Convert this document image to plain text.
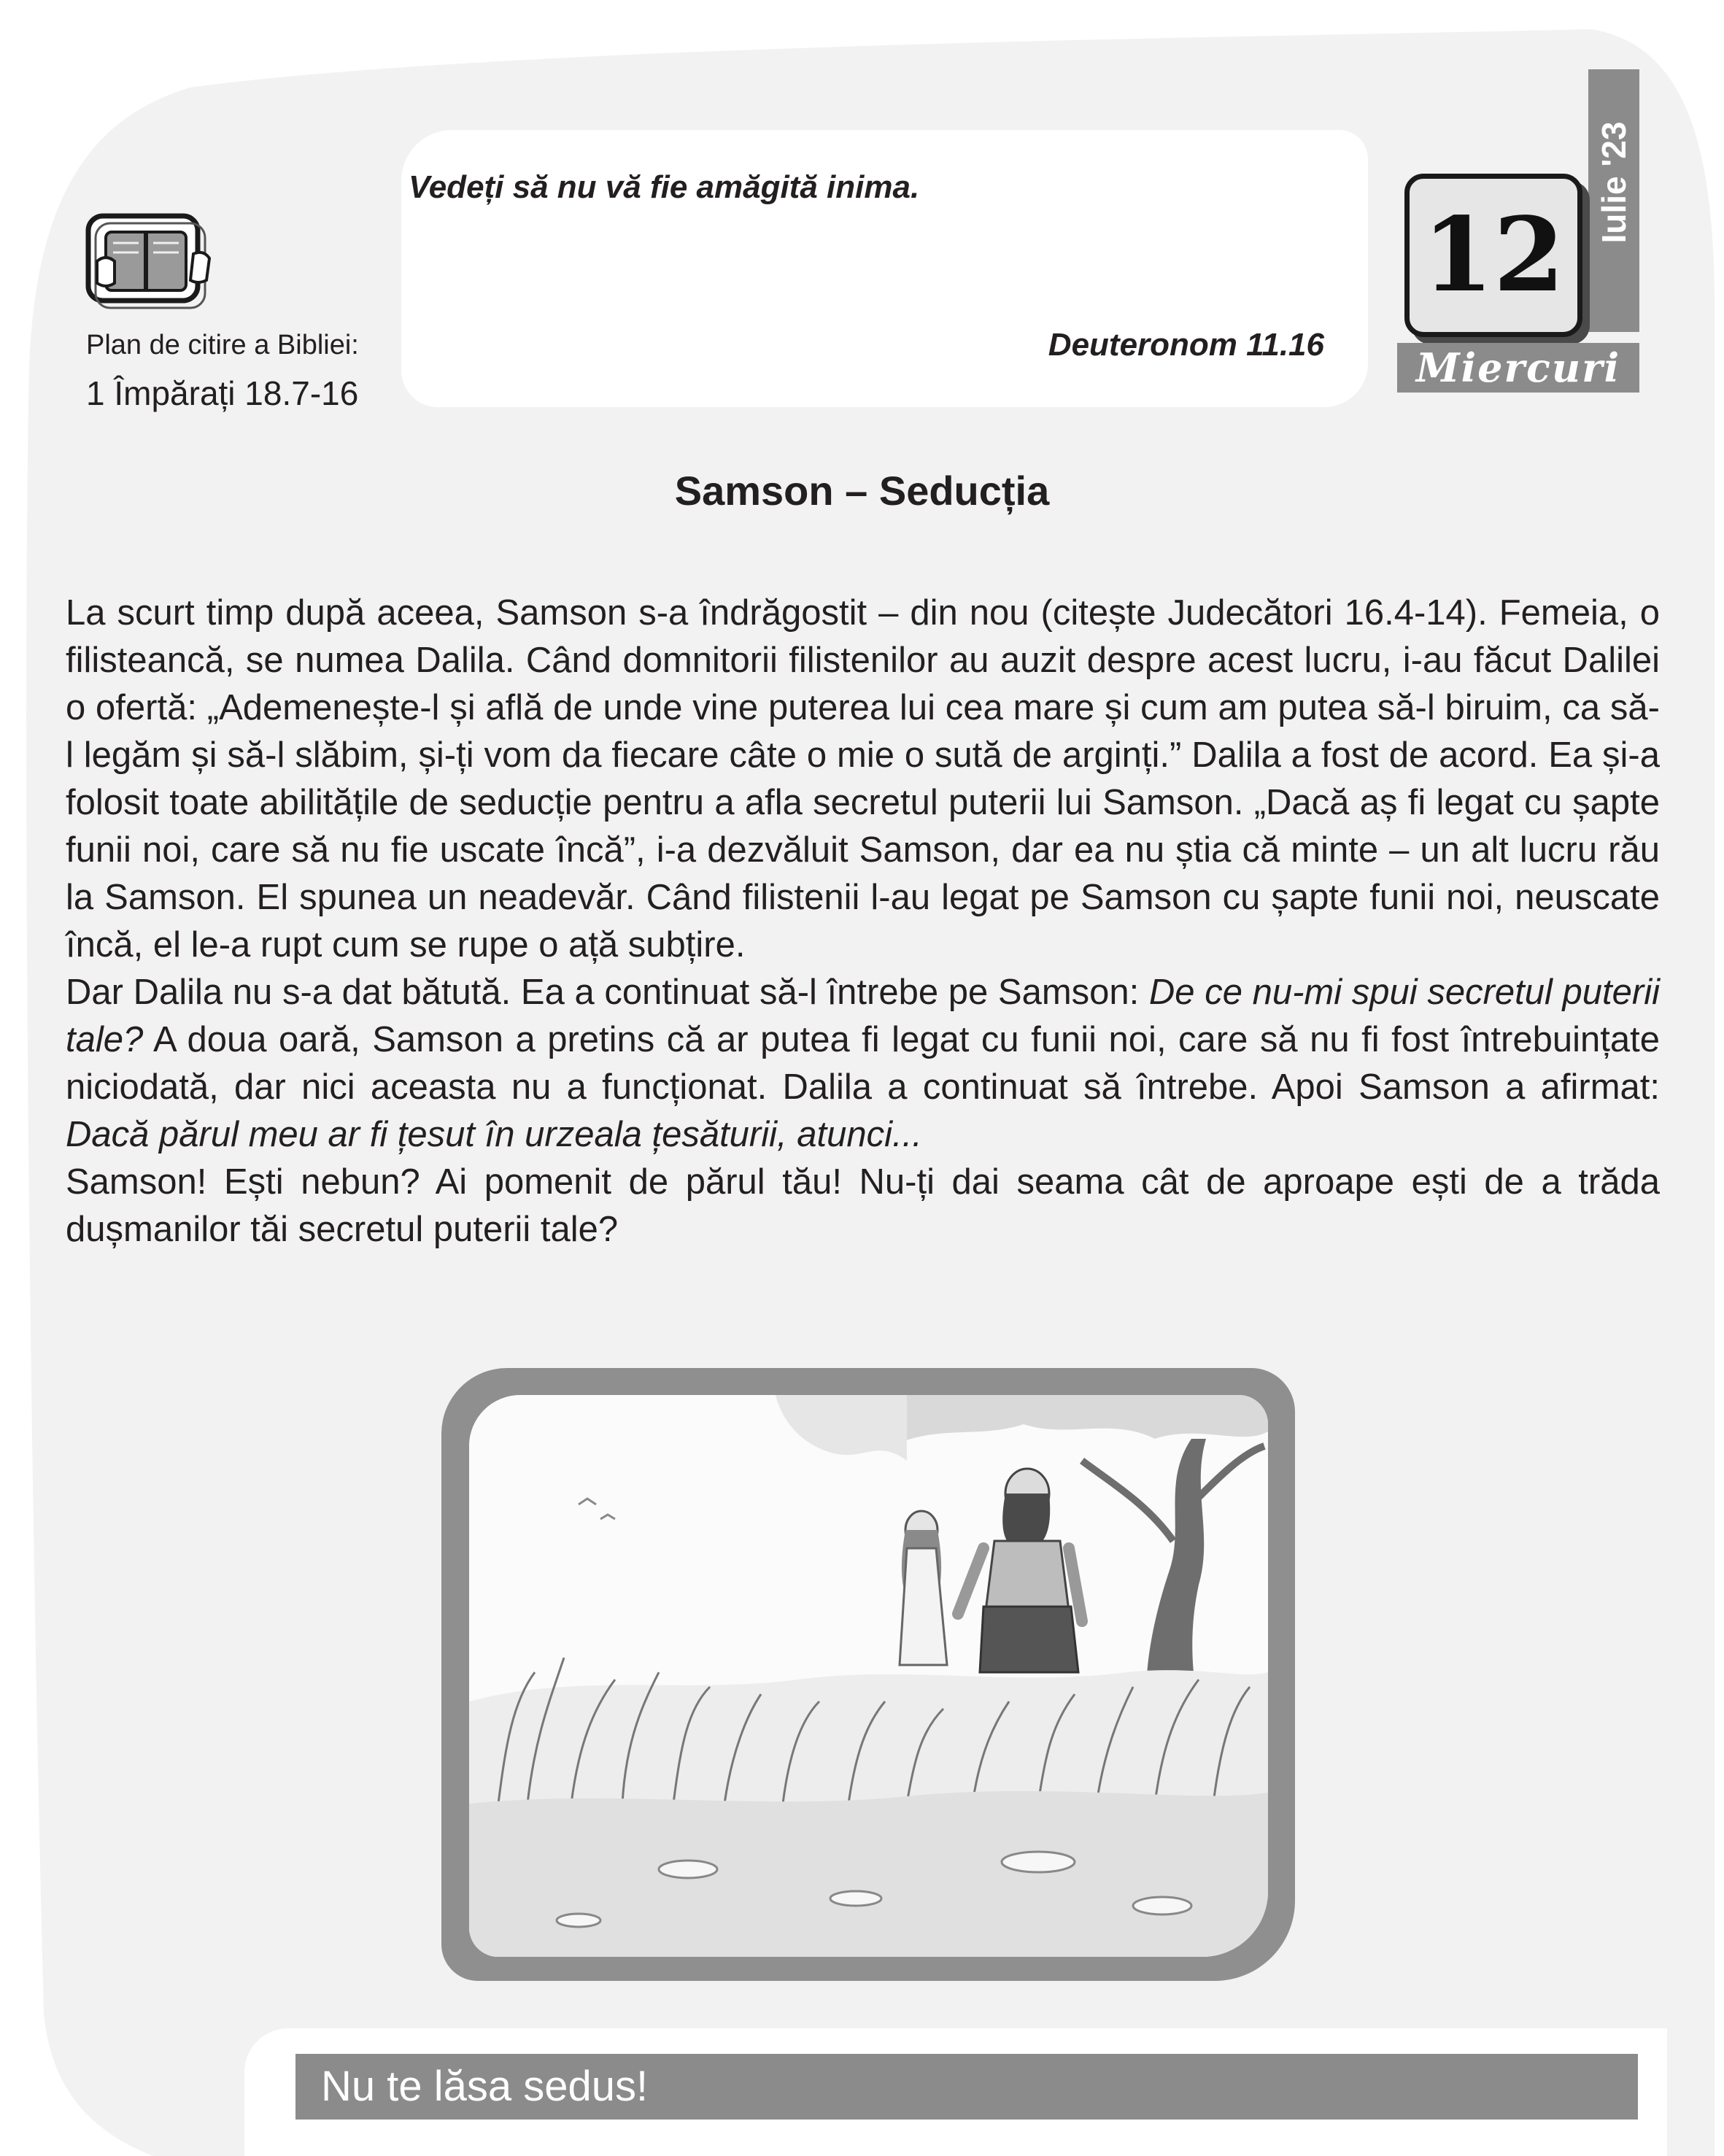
Plan de citire a Bibliei:
1 Împărați 18.7-16
Vedeți să nu vă fie amăgită inima.
Deuteronom 11.16
Iulie '23
12
Miercuri
Samson – Seducția

La scurt timp după aceea, Samson s-a îndrăgostit – din nou (citește Judecători 16.4-14). Femeia, o filisteancă, se numea Dalila. Când domnitorii filistenilor au auzit despre acest lucru, i-au făcut Dalilei o ofertă: „Ademenește-l și află de unde vine puterea lui cea mare și cum am putea să-l biruim, ca să-l legăm și să-l slăbim, și-ți vom da fiecare câte o mie o sută de arginți.” Dalila a fost de acord. Ea și-a folosit toate abilitățile de seducție pentru a afla secretul puterii lui Samson. „Dacă aș fi legat cu șapte funii noi, care să nu fie uscate încă”, i-a dezvăluit Samson, dar ea nu știa că minte – un alt lucru rău la Samson. El spunea un neadevăr. Când filistenii l-au legat pe Samson cu șapte funii noi, neuscate încă, el le-a rupt cum se rupe o ață subțire.

Dar Dalila nu s-a dat bătută. Ea a continuat să-l întrebe pe Samson: De ce nu-mi spui secretul puterii tale? A doua oară, Samson a pretins că ar putea fi legat cu funii noi, care să nu fi fost întrebuințate niciodată, dar nici aceasta nu a funcționat. Dalila a continuat să întrebe. Apoi Samson a afirmat: Dacă părul meu ar fi țesut în urzeala țesăturii, atunci...

Samson! Ești nebun? Ai pomenit de părul tău! Nu-ți dai seama cât de aproape ești de a trăda dușmanilor tăi secretul puterii tale?

Nu te lăsa sedus!
